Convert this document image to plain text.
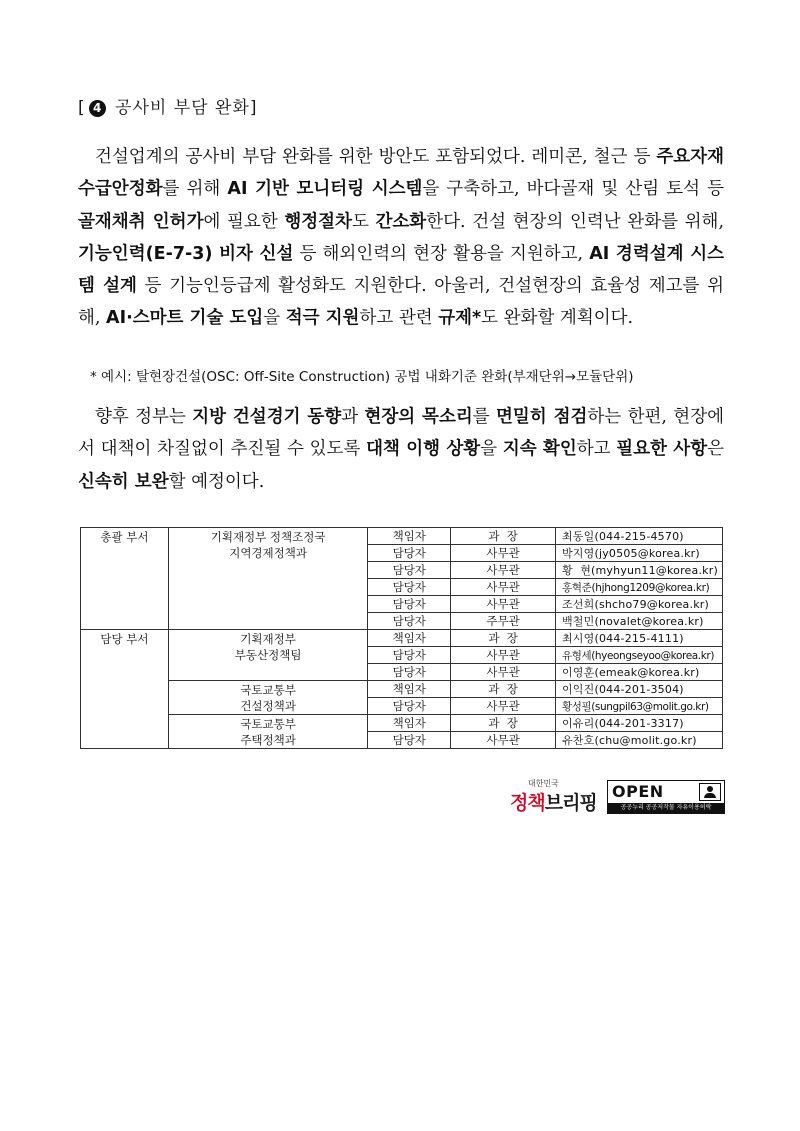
[ 4 공사비 부담 완화]

건설업계의 공사비 부담 완화를 위한 방안도 포함되었다. 레미콘, 철근 등 주요자재 수급안정화를 위해 AI 기반 모니터링 시스템을 구축하고, 바다골재 및 산림 토석 등 골재채취 인허가에 필요한 행정절차도 간소화한다. 건설 현장의 인력난 완화를 위해, 기능인력(E-7-3) 비자 신설 등 해외인력의 현장 활용을 지원하고, AI 경력설계 시스템 설계 등 기능인등급제 활성화도 지원한다. 아울러, 건설현장의 효율성 제고를 위해, AI·스마트 기술 도입을 적극 지원하고 관련 규제*도 완화할 계획이다.

* 예시: 탈현장건설(OSC: Off-Site Construction) 공법 내화기준 완화(부재단위→모듈단위)

향후 정부는 지방 건설경기 동향과 현장의 목소리를 면밀히 점검하는 한편, 현장에서 대책이 차질없이 추진될 수 있도록 대책 이행 상황을 지속 확인하고 필요한 사항은 신속히 보완할 예정이다.

총괄 부서	기획재정부 정책조정국
지역경제정책과	책임자	과  장	최동일(044-215-4570)
		담당자	사무관	박지영(jy0505@korea.kr)
		담당자	사무관	황  현(myhyun11@korea.kr)
		담당자	사무관	홍혁준(hjhong1209@korea.kr)
		담당자	사무관	조선희(shcho79@korea.kr)
		담당자	주무관	백철민(novalet@korea.kr)
담당 부서	기획재정부
부동산정책팀	책임자	과  장	최시영(044-215-4111)
		담당자	사무관	유형세(hyeongseyoo@korea.kr)
		담당자	사무관	이영훈(emeak@korea.kr)
	국토교통부
건설정책과	책임자	과  장	이익진(044-201-3504)
		담당자	사무관	황성필(sungpil63@molit.go.kr)
	국토교통부
주택정책과	책임자	과  장	이유리(044-201-3317)
		담당자	사무관	유찬호(chu@molit.go.kr)
대한민국
정책브리핑
OPEN
공공누리 공공저작물 자유이용허락
